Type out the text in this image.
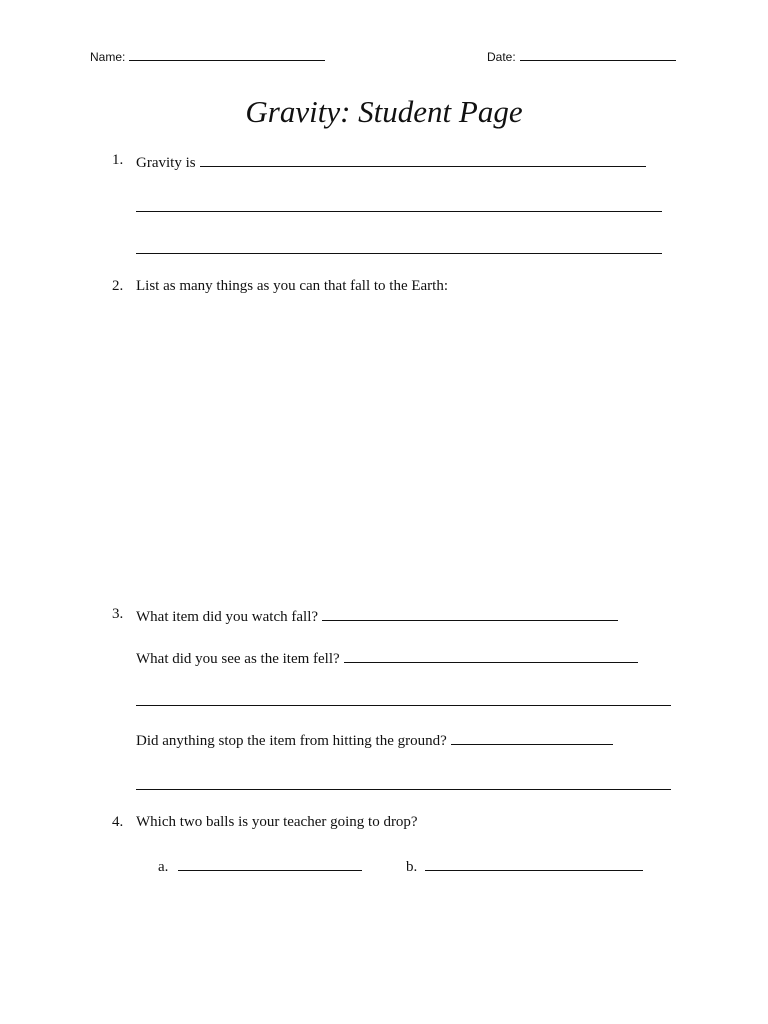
Name:	Date:
Gravity: Student Page
1. Gravity is
2. List as many things as you can that fall to the Earth:
3. What item did you watch fall?
What did you see as the item fell?
Did anything stop the item from hitting the ground?
4. Which two balls is your teacher going to drop?
a.	b.
